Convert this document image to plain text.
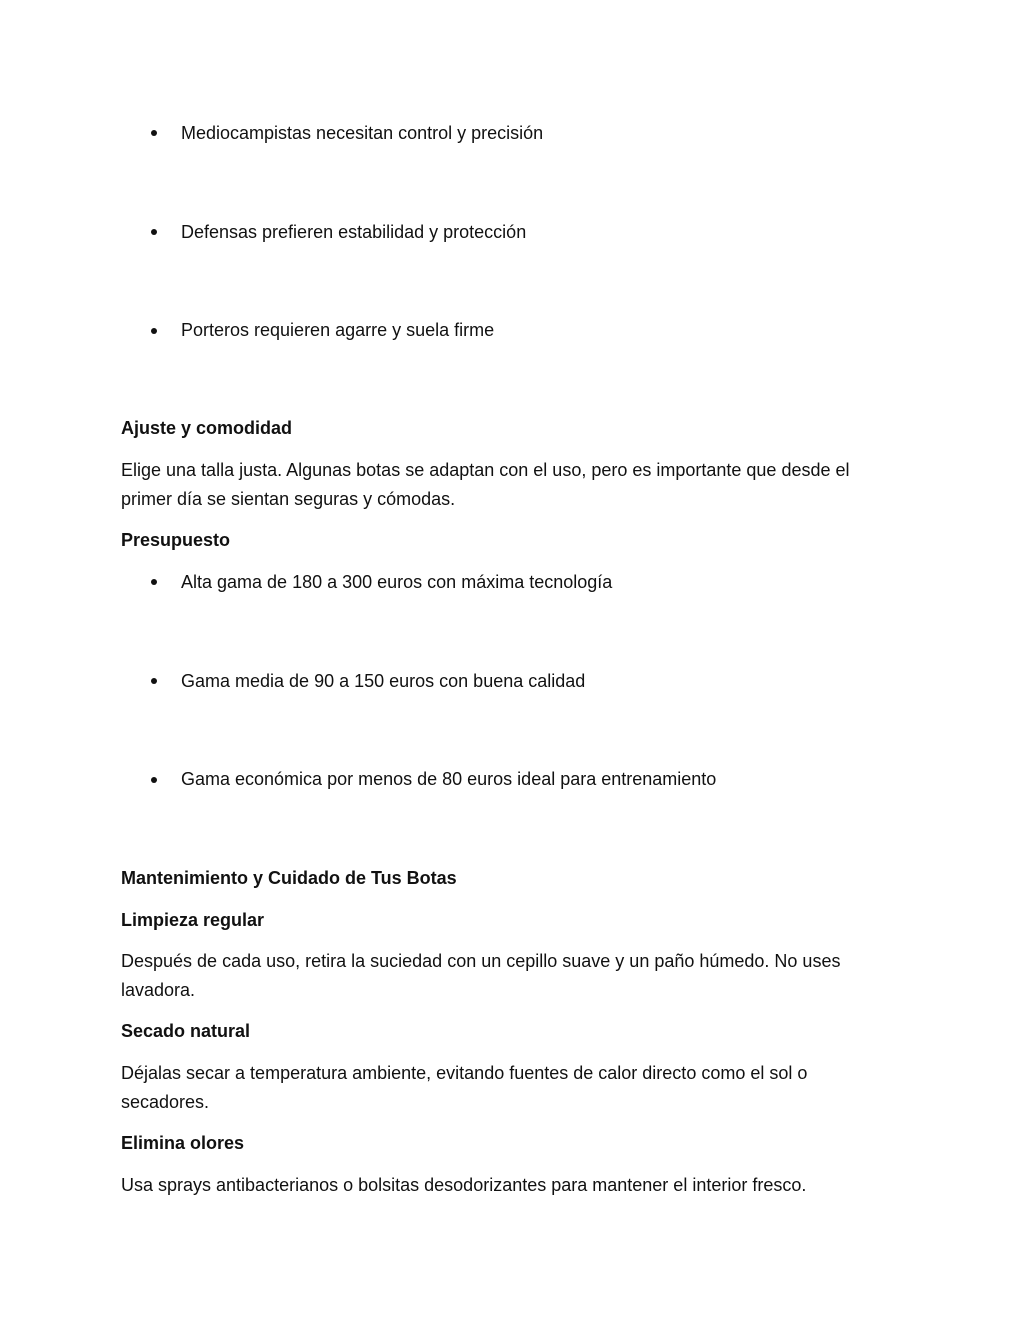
Mediocampistas necesitan control y precisión

Defensas prefieren estabilidad y protección

Porteros requieren agarre y suela firme

Ajuste y comodidad

Elige una talla justa. Algunas botas se adaptan con el uso, pero es importante que desde el primer día se sientan seguras y cómodas.

Presupuesto

Alta gama de 180 a 300 euros con máxima tecnología

Gama media de 90 a 150 euros con buena calidad

Gama económica por menos de 80 euros ideal para entrenamiento

Mantenimiento y Cuidado de Tus Botas

Limpieza regular

Después de cada uso, retira la suciedad con un cepillo suave y un paño húmedo. No uses lavadora.

Secado natural

Déjalas secar a temperatura ambiente, evitando fuentes de calor directo como el sol o secadores.

Elimina olores

Usa sprays antibacterianos o bolsitas desodorizantes para mantener el interior fresco.
